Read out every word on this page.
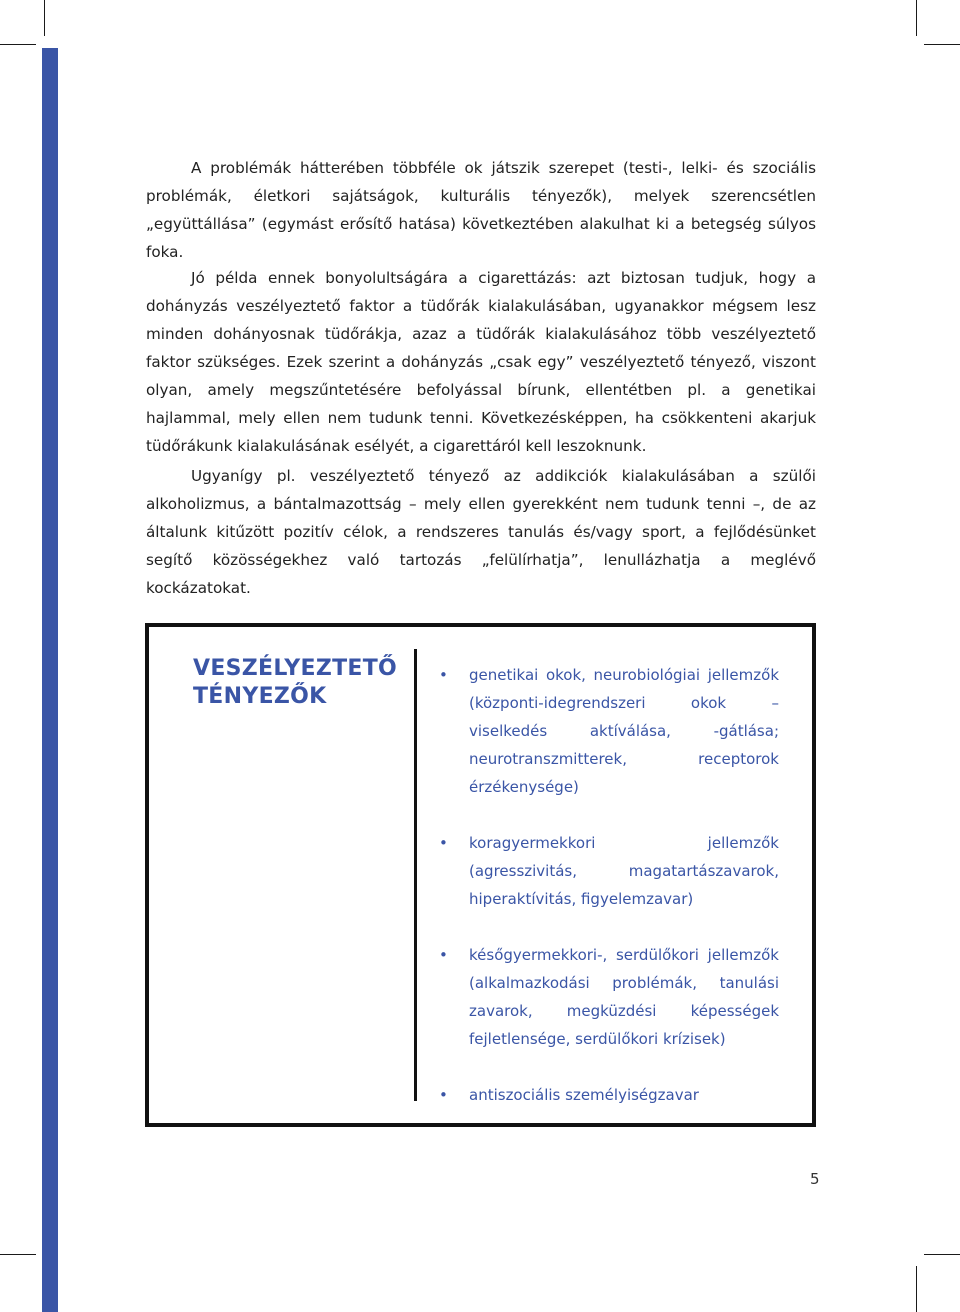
A problémák hátterében többféle ok játszik szerepet (testi-, lelki- és szociális problémák, életkori sajátságok, kulturális tényezők), melyek szerencsétlen „együttállása” (egymást erősítő hatása) következtében alakulhat ki a betegség súlyos foka.

Jó példa ennek bonyolultságára a cigarettázás: azt biztosan tudjuk, hogy a dohányzás veszélyeztető faktor a tüdőrák kialakulásában, ugyanakkor mégsem lesz minden dohányosnak tüdőrákja, azaz a tüdőrák kialakulásához több veszélyeztető faktor szükséges. Ezek szerint a dohányzás „csak egy” veszélyeztető tényező, viszont olyan, amely megszűntetésére befolyással bírunk, ellentétben pl. a genetikai hajlammal, mely ellen nem tudunk tenni. Következésképpen, ha csökkenteni akarjuk tüdőrákunk kialakulásának esélyét, a cigarettáról kell leszoknunk.

Ugyanígy pl. veszélyeztető tényező az addikciók kialakulásában a szülői alkoholizmus, a bántalmazottság – mely ellen gyerekként nem tudunk tenni –, de az általunk kitűzött pozitív célok, a rendszeres tanulás és/vagy sport, a fejlődésünket segítő közösségekhez való tartozás „felülírhatja”, lenullázhatja a meglévő kockázatokat.

VESZÉLYEZTETŐ
TÉNYEZŐK
• genetikai okok, neurobiológiai jellemzők (központi-idegrendszeri okok – viselkedés aktíválása, -gátlása; neurotranszmitterek, receptorok érzékenysége)
• koragyermekkori jellemzők (agresszivitás, magatartászavarok, hiperaktívitás, figyelemzavar)
• későgyermekkori-, serdülőkori jellemzők (alkalmazkodási problémák, tanulási zavarok, megküzdési képességek fejletlensége, serdülőkori krízisek)
• antiszociális személyiségzavar
5
